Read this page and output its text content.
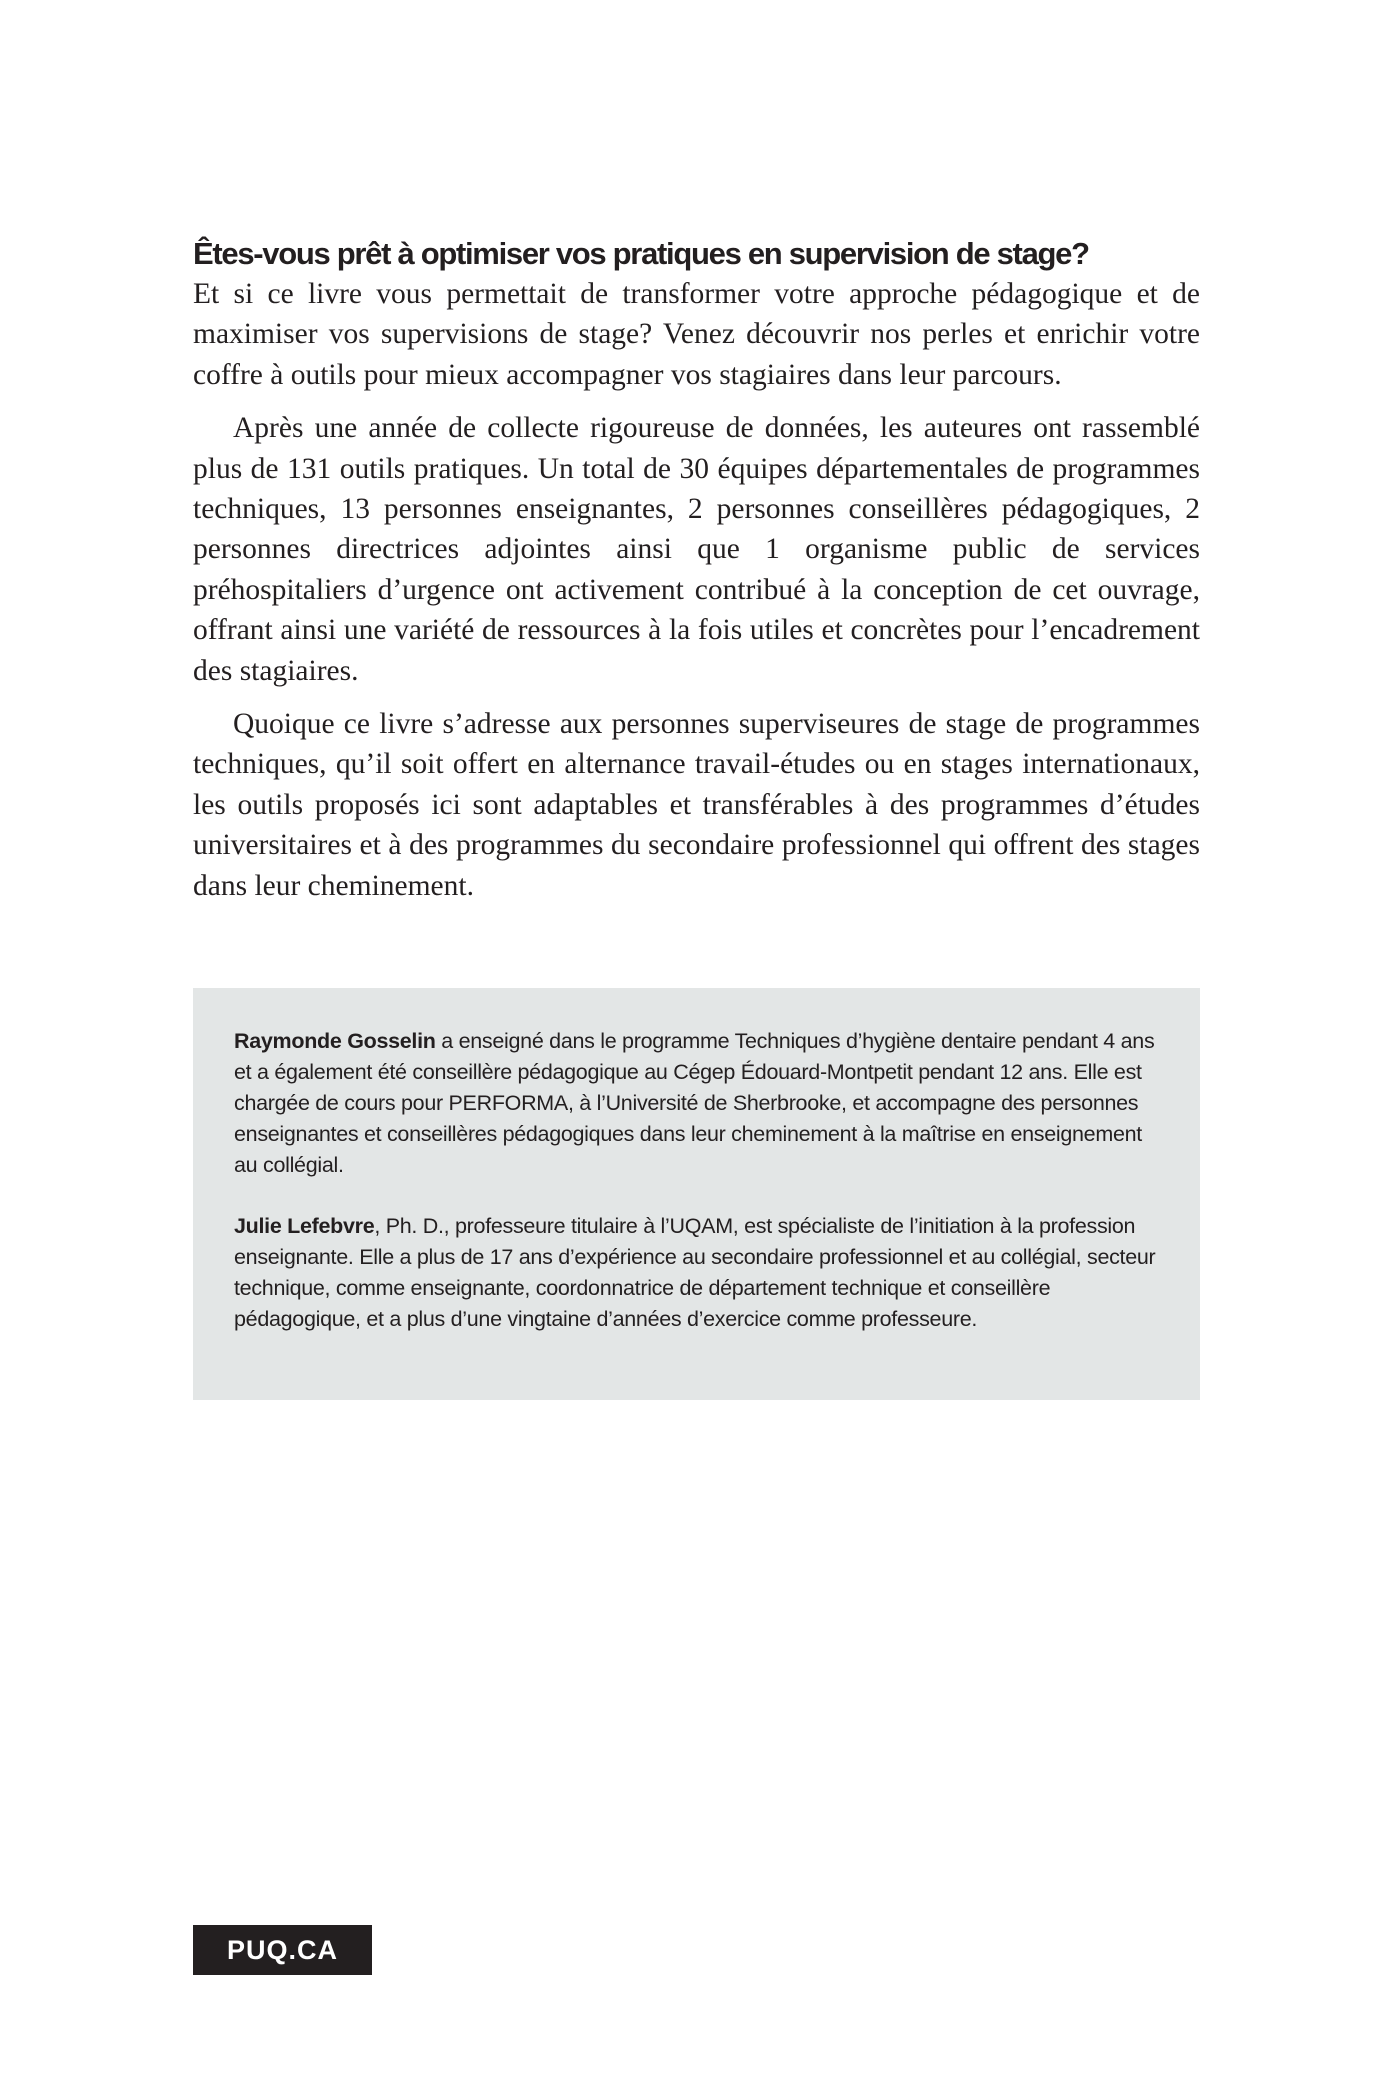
Êtes-vous prêt à optimiser vos pratiques en supervision de stage?

Et si ce livre vous permettait de transformer votre approche pédagogique et de maximiser vos supervisions de stage? Venez découvrir nos perles et enrichir votre coffre à outils pour mieux accompagner vos stagiaires dans leur parcours.

Après une année de collecte rigoureuse de données, les auteures ont rassemblé plus de 131 outils pratiques. Un total de 30 équipes départementales de programmes techniques, 13 personnes enseignantes, 2 personnes conseillères pédagogiques, 2 personnes directrices adjointes ainsi que 1 organisme public de services préhospitaliers d’urgence ont activement contribué à la conception de cet ouvrage, offrant ainsi une variété de ressources à la fois utiles et concrètes pour l’encadrement des stagiaires.

Quoique ce livre s’adresse aux personnes superviseures de stage de programmes techniques, qu’il soit offert en alternance travail-études ou en stages internationaux, les outils proposés ici sont adaptables et transférables à des programmes d’études universitaires et à des programmes du secondaire professionnel qui offrent des stages dans leur cheminement.

Raymonde Gosselin a enseigné dans le programme Techniques d’hygiène dentaire pendant 4 ans et a également été conseillère pédagogique au Cégep Édouard-Montpetit pendant 12 ans. Elle est chargée de cours pour PERFORMA, à l’Université de Sherbrooke, et accompagne des personnes enseignantes et conseillères pédagogiques dans leur cheminement à la maîtrise en enseignement au collégial.

Julie Lefebvre, Ph. D., professeure titulaire à l’UQAM, est spécialiste de l’initiation à la profession enseignante. Elle a plus de 17 ans d’expérience au secondaire professionnel et au collégial, secteur technique, comme enseignante, coordonnatrice de département technique et conseillère pédagogique, et a plus d’une vingtaine d’années d’exercice comme professeure.

PUQ.CA
